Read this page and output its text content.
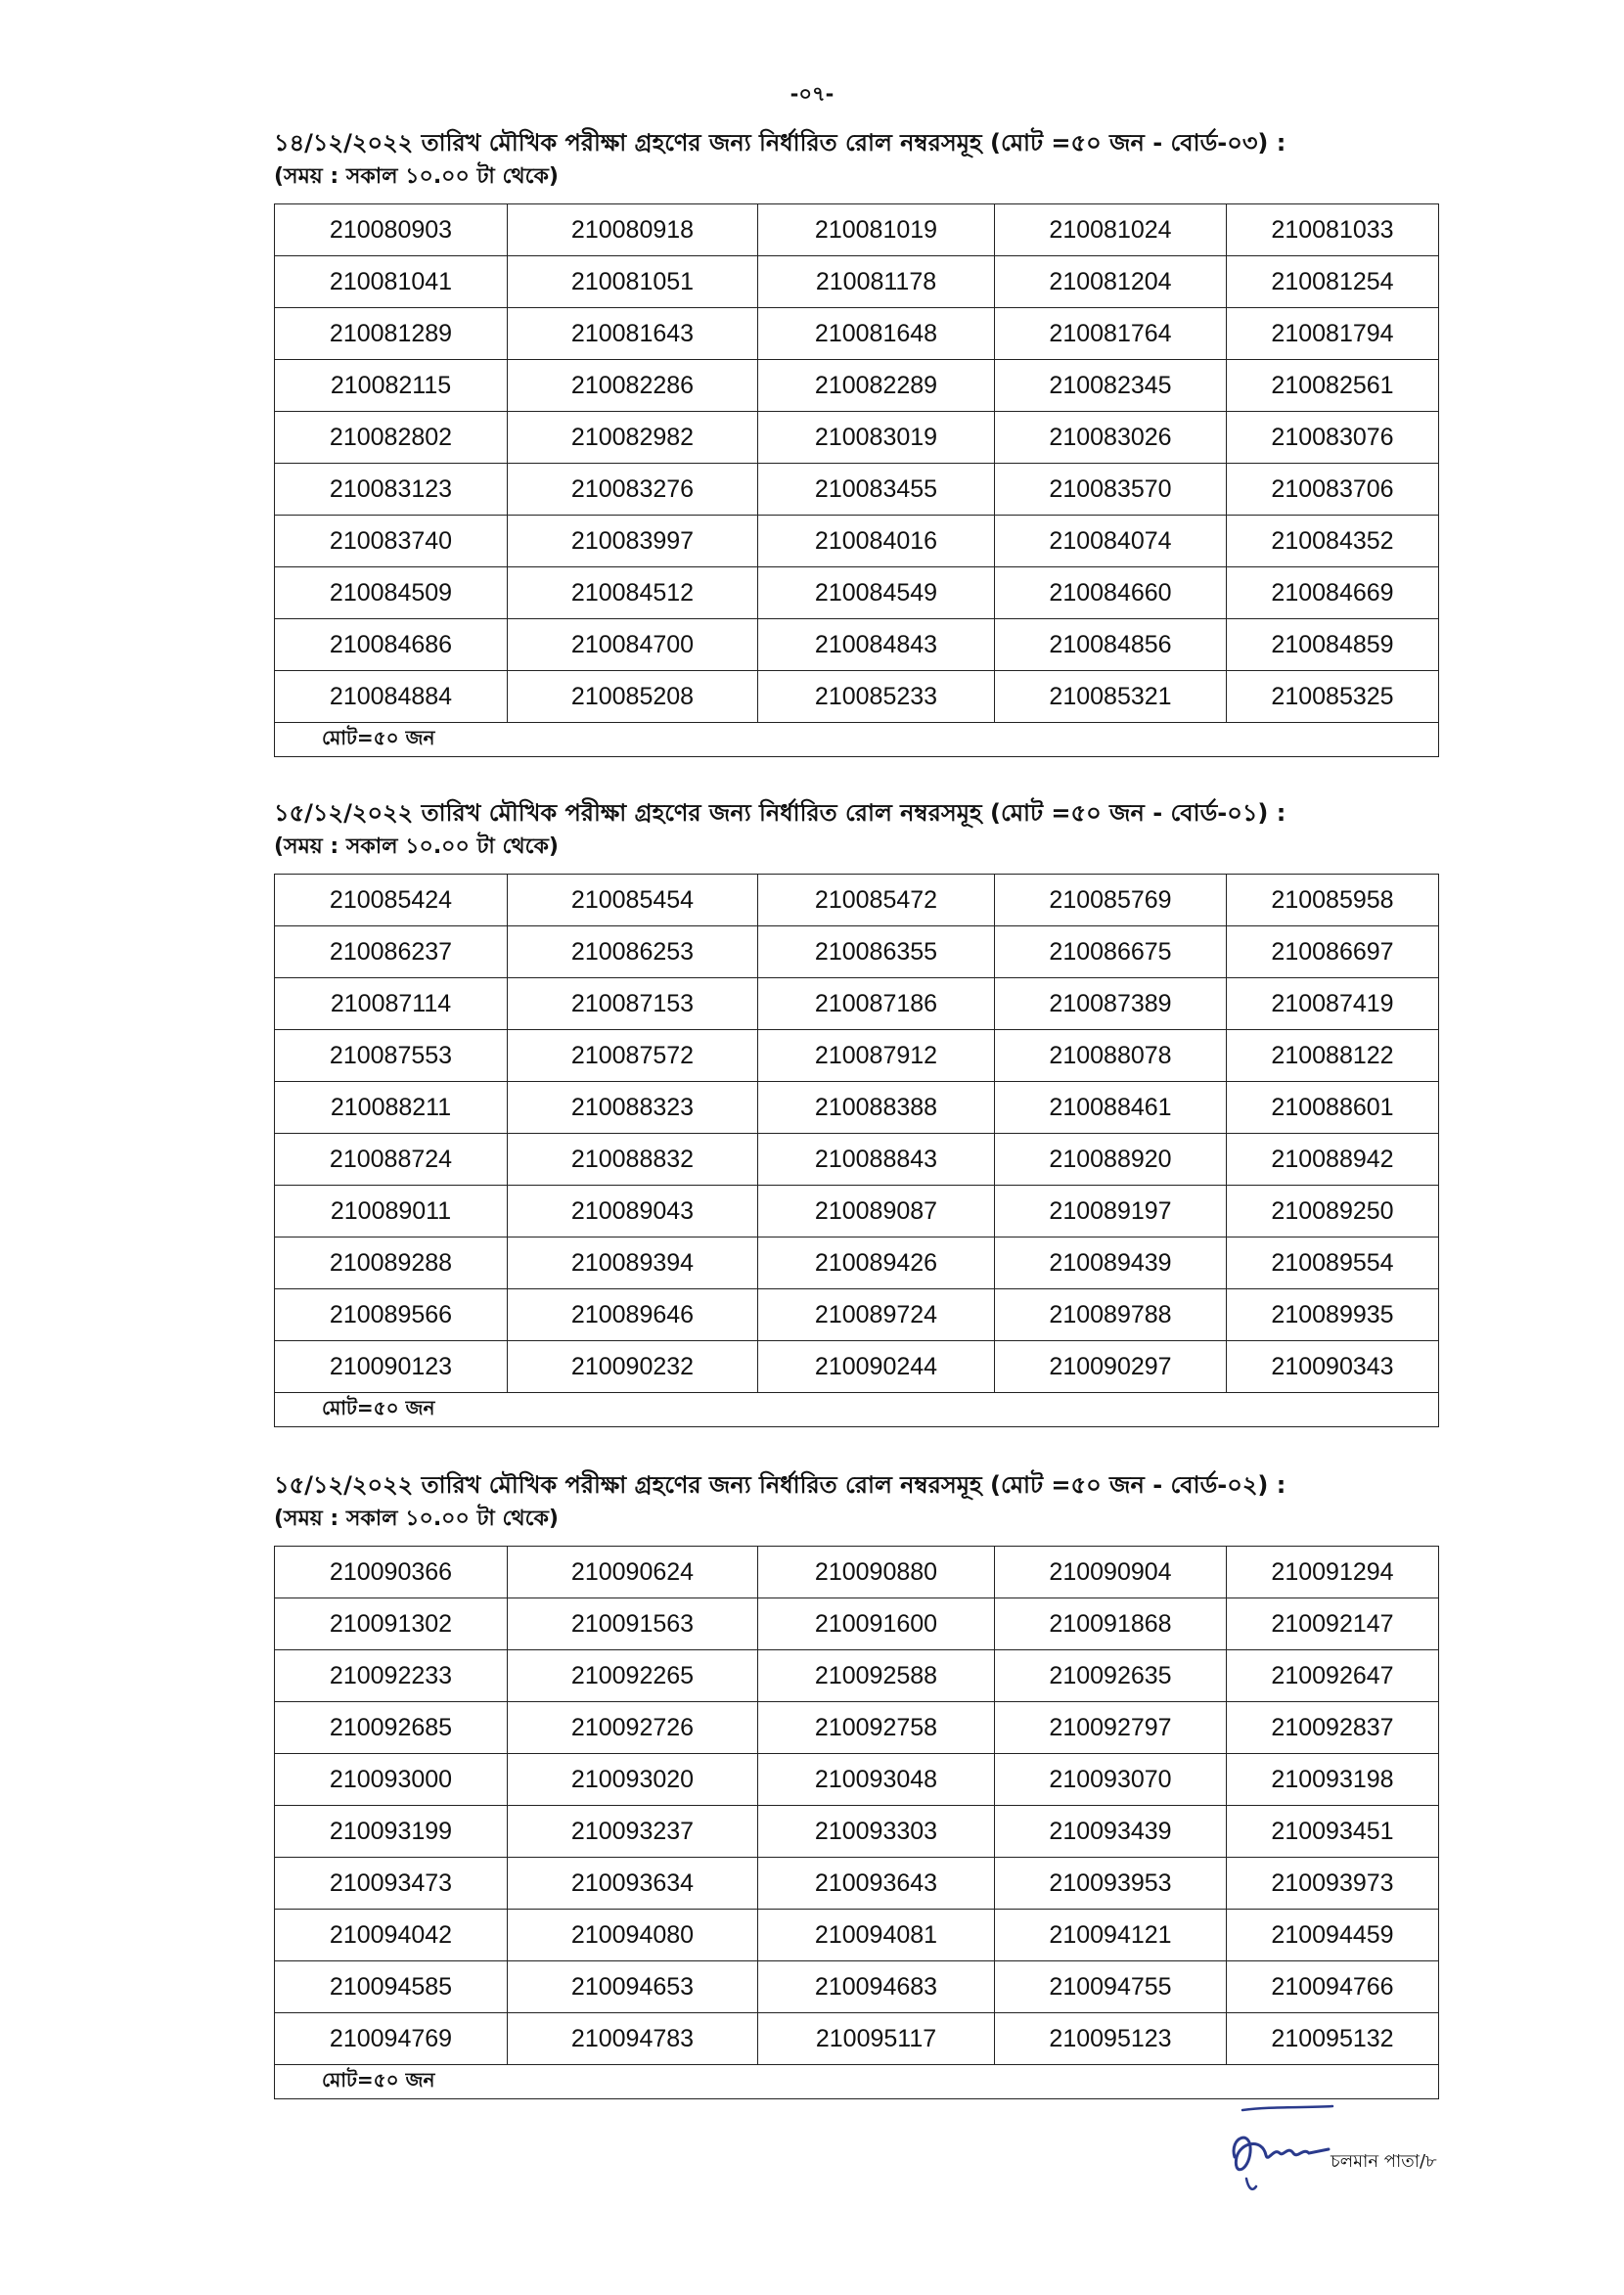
-০৭-

১৪/১২/২০২২ তারিখ মৌখিক পরীক্ষা গ্রহণের জন্য নির্ধারিত রোল নম্বরসমূহ (মোট =৫০ জন - বোর্ড-০৩) :

(সময় : সকাল ১০.০০ টা থেকে)

210080903	210080918	210081019	210081024	210081033
210081041	210081051	210081178	210081204	210081254
210081289	210081643	210081648	210081764	210081794
210082115	210082286	210082289	210082345	210082561
210082802	210082982	210083019	210083026	210083076
210083123	210083276	210083455	210083570	210083706
210083740	210083997	210084016	210084074	210084352
210084509	210084512	210084549	210084660	210084669
210084686	210084700	210084843	210084856	210084859
210084884	210085208	210085233	210085321	210085325
মোট=৫০ জন				

১৫/১২/২০২২ তারিখ মৌখিক পরীক্ষা গ্রহণের জন্য নির্ধারিত রোল নম্বরসমূহ (মোট =৫০ জন - বোর্ড-০১) :

(সময় : সকাল ১০.০০ টা থেকে)

210085424	210085454	210085472	210085769	210085958
210086237	210086253	210086355	210086675	210086697
210087114	210087153	210087186	210087389	210087419
210087553	210087572	210087912	210088078	210088122
210088211	210088323	210088388	210088461	210088601
210088724	210088832	210088843	210088920	210088942
210089011	210089043	210089087	210089197	210089250
210089288	210089394	210089426	210089439	210089554
210089566	210089646	210089724	210089788	210089935
210090123	210090232	210090244	210090297	210090343
মোট=৫০ জন				

১৫/১২/২০২২ তারিখ মৌখিক পরীক্ষা গ্রহণের জন্য নির্ধারিত রোল নম্বরসমূহ (মোট =৫০ জন - বোর্ড-০২) :

(সময় : সকাল ১০.০০ টা থেকে)

210090366	210090624	210090880	210090904	210091294
210091302	210091563	210091600	210091868	210092147
210092233	210092265	210092588	210092635	210092647
210092685	210092726	210092758	210092797	210092837
210093000	210093020	210093048	210093070	210093198
210093199	210093237	210093303	210093439	210093451
210093473	210093634	210093643	210093953	210093973
210094042	210094080	210094081	210094121	210094459
210094585	210094653	210094683	210094755	210094766
210094769	210094783	210095117	210095123	210095132
মোট=৫০ জন				
চলমান পাতা/৮
